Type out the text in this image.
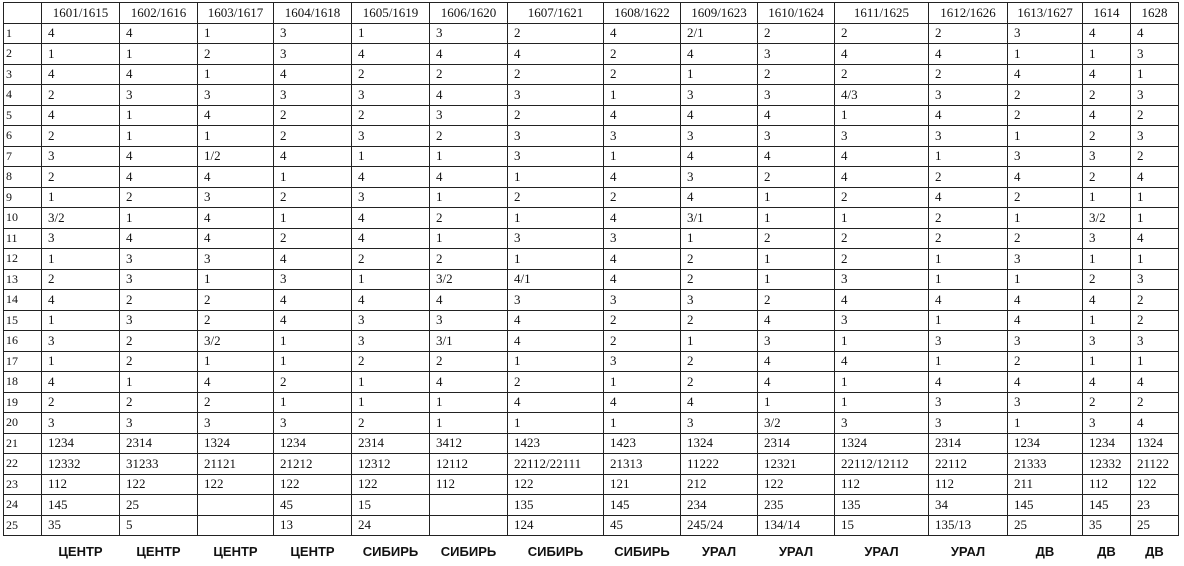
	1601/1615	1602/1616	1603/1617	1604/1618	1605/1619	1606/1620	1607/1621	1608/1622	1609/1623	1610/1624	1611/1625	1612/1626	1613/1627	1614	1628
1	4	4	1	3	1	3	2	4	2/1	2	2	2	3	4	4
2	1	1	2	3	4	4	4	2	4	3	4	4	1	1	3
3	4	4	1	4	2	2	2	2	1	2	2	2	4	4	1
4	2	3	3	3	3	4	3	1	3	3	4/3	3	2	2	3
5	4	1	4	2	2	3	2	4	4	4	1	4	2	4	2
6	2	1	1	2	3	2	3	3	3	3	3	3	1	2	3
7	3	4	1/2	4	1	1	3	1	4	4	4	1	3	3	2
8	2	4	4	1	4	4	1	4	3	2	4	2	4	2	4
9	1	2	3	2	3	1	2	2	4	1	2	4	2	1	1
10	3/2	1	4	1	4	2	1	4	3/1	1	1	2	1	3/2	1
11	3	4	4	2	4	1	3	3	1	2	2	2	2	3	4
12	1	3	3	4	2	2	1	4	2	1	2	1	3	1	1
13	2	3	1	3	1	3/2	4/1	4	2	1	3	1	1	2	3
14	4	2	2	4	4	4	3	3	3	2	4	4	4	4	2
15	1	3	2	4	3	3	4	2	2	4	3	1	4	1	2
16	3	2	3/2	1	3	3/1	4	2	1	3	1	3	3	3	3
17	1	2	1	1	2	2	1	3	2	4	4	1	2	1	1
18	4	1	4	2	1	4	2	1	2	4	1	4	4	4	4
19	2	2	2	1	1	1	4	4	4	1	1	3	3	2	2
20	3	3	3	3	2	1	1	1	3	3/2	3	3	1	3	4
21	1234	2314	1324	1234	2314	3412	1423	1423	1324	2314	1324	2314	1234	1234	1324
22	12332	31233	21121	21212	12312	12112	22112/22111	21313	11222	12321	22112/12112	22112	21333	12332	21122
23	112	122	122	122	122	112	122	121	212	122	112	112	211	112	122
24	145	25		45	15		135	145	234	235	135	34	145	145	23
25	35	5		13	24		124	45	245/24	134/14	15	135/13	25	35	25
	ЦЕНТР	ЦЕНТР	ЦЕНТР	ЦЕНТР	СИБИРЬ	СИБИРЬ	СИБИРЬ	СИБИРЬ	УРАЛ	УРАЛ	УРАЛ	УРАЛ	ДВ	ДВ	ДВ
